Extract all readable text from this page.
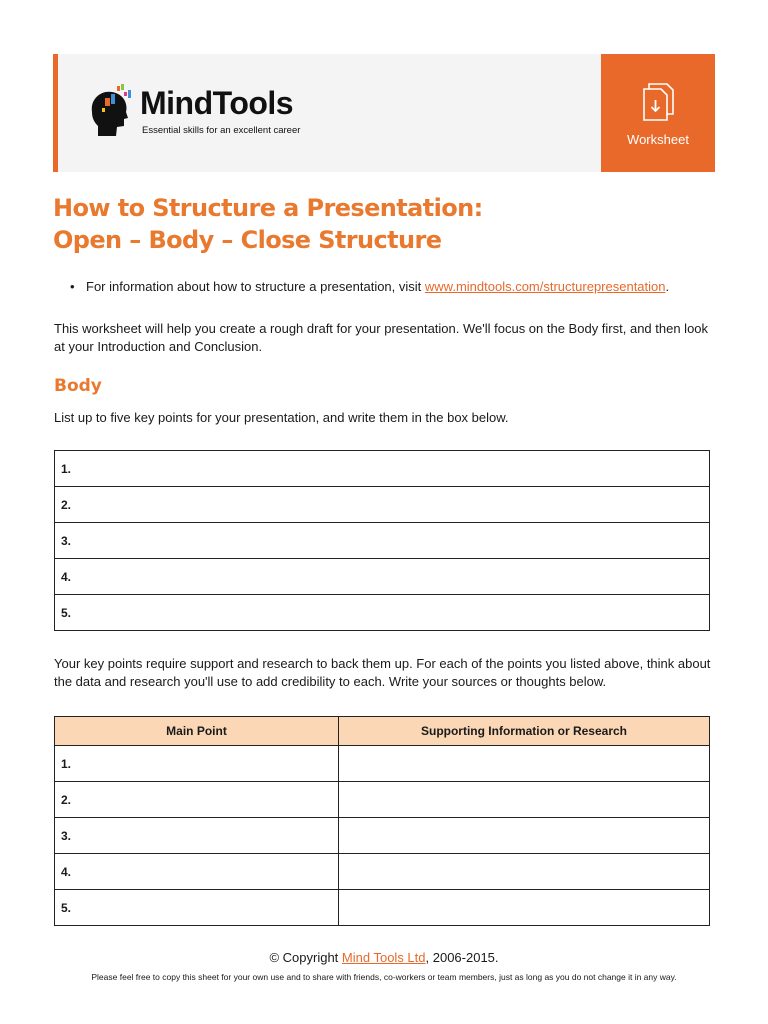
MindTools
Essential skills for an excellent career
Worksheet
How to Structure a Presentation:
Open – Body – Close Structure
• For information about how to structure a presentation, visit www.mindtools.com/structurepresentation.

This worksheet will help you create a rough draft for your presentation. We'll focus on the Body first, and then look at your Introduction and Conclusion.

Body

List up to five key points for your presentation, and write them in the box below.

1.
2.
3.
4.
5.

Your key points require support and research to back them up. For each of the points you listed above, think about the data and research you'll use to add credibility to each. Write your sources or thoughts below.

Main Point	Supporting Information or Research
1.	
2.	
3.	
4.	
5.	
© Copyright Mind Tools Ltd, 2006-2015.
Please feel free to copy this sheet for your own use and to share with friends, co-workers or team members, just as long as you do not change it in any way.
